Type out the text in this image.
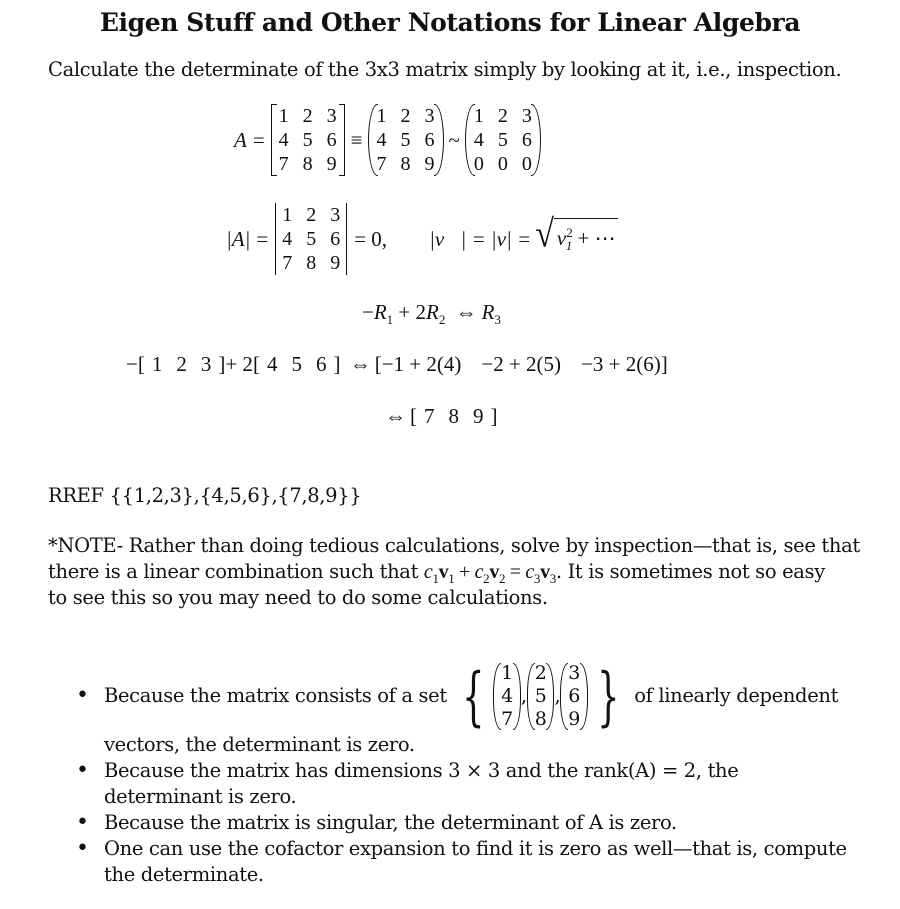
Eigen Stuff and Other Notations for Linear Algebra
Calculate the determinate of the 3x3 matrix simply by looking at it, i.e., inspection.
A =
1	2	3
4	5	6
7	8	9
≡
1	2	3
4	5	6
7	8	9
~
1	2	3
4	5	6
0	0	0
|A| =
1	2	3
4	5	6
7	8	9
= 0,	|v⃗| = |v| = √ $v^2_1$ + ⋯
$-R_1 + 2R_2$ ⇔ $R_3$
−[ 1 2 3 ]+ 2[ 4 5 6 ] ⇔ [−1 + 2(4) −2 + 2(5) −3 + 2(6)]
⇔ [ 7 8 9 ]
RREF {{1,2,3},{4,5,6},{7,8,9}}
*NOTE- Rather than doing tedious calculations, solve by inspection—that is, see that
there is a linear combination such that $c_1v_1 + c_2v_2 = c_3v_3$. It is sometimes not so easy
to see this so you may need to do some calculations.
• Because the matrix consists of a set { 1
4
7
,
2
5
8
,
3
6
9 } of linearly dependent
vectors, the determinant is zero.
• Because the matrix has dimensions 3 × 3 and the rank(A) = 2, the
determinant is zero.
• Because the matrix is singular, the determinant of A is zero.
• One can use the cofactor expansion to find it is zero as well—that is, compute
the determinate.
